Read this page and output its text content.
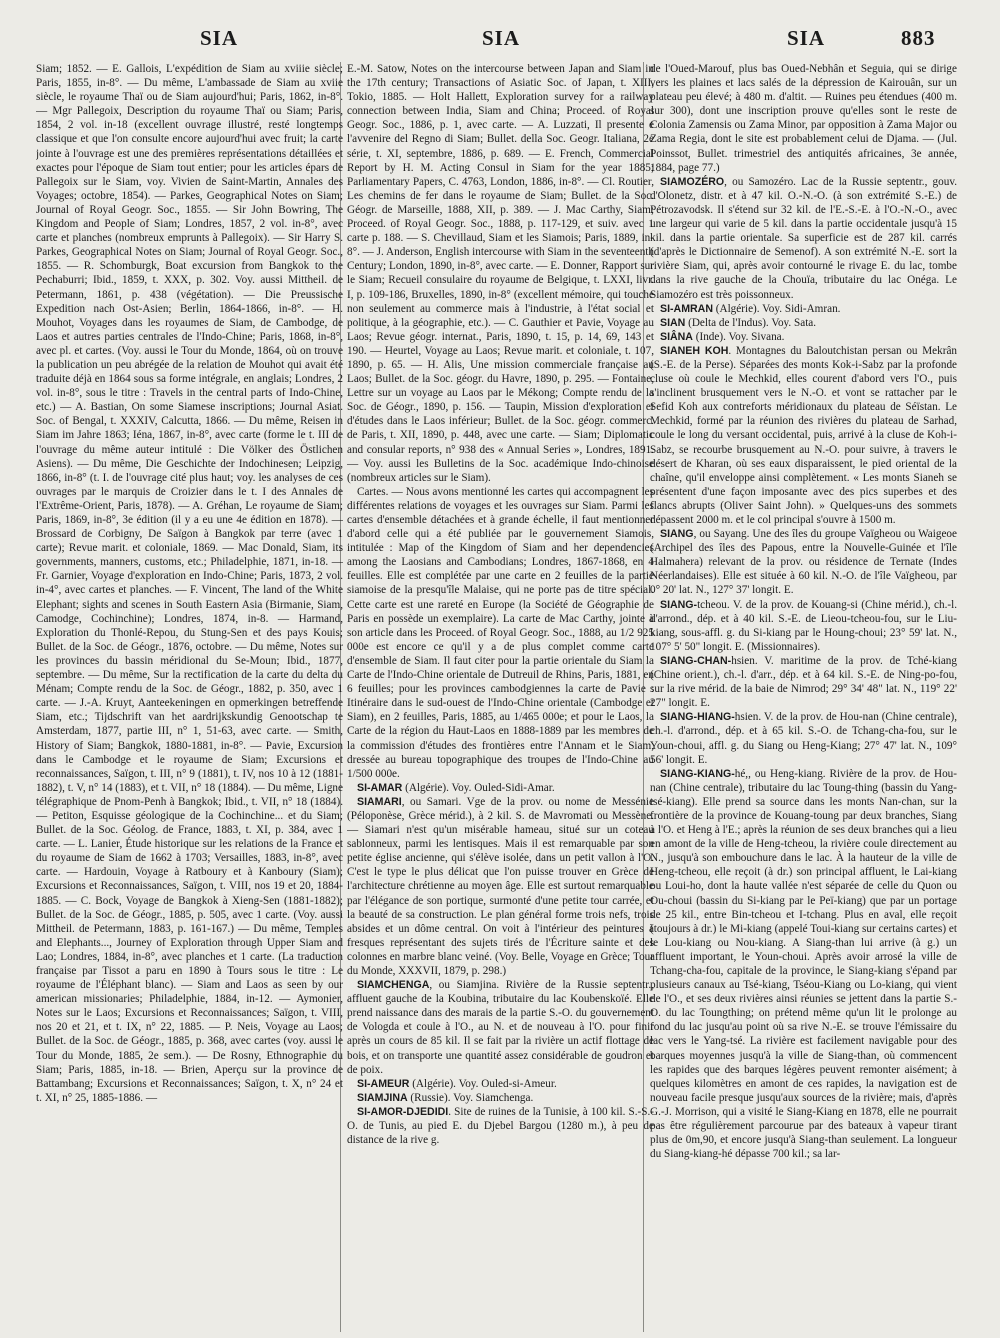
SIA	SIA	SIA	883

Siam; 1852. — E. Gallois, L'expédition de Siam au xviiie siècle; Paris, 1855, in-8°. — Du même, L'ambassade de Siam au xviie siècle, le royaume Thaï ou de Siam aujourd'hui; Paris, 1862, in-8°. — Mgr Pallegoix, Description du royaume Thaï ou Siam; Paris, 1854, 2 vol. in-18 (excellent ouvrage illustré, resté longtemps classique et que l'on consulte encore aujourd'hui avec fruit; la carte jointe à l'ouvrage est une des premières représentations détaillées et exactes pour l'époque de Siam tout entier; pour les articles épars de Pallegoix sur le Siam, voy. Vivien de Saint-Martin, Annales des Voyages; octobre, 1854). — Parkes, Geographical Notes on Siam; Journal of Royal Geogr. Soc., 1855. — Sir John Bowring, The Kingdom and People of Siam; Londres, 1857, 2 vol. in-8°, avec carte et planches (nombreux emprunts à Pallegoix). — Sir Harry S. Parkes, Geographical Notes on Siam; Journal of Royal Geogr. Soc., 1855. — R. Schomburgk, Boat excursion from Bangkok to the Pechaburri; Ibid., 1859, t. XXX, p. 302. Voy. aussi Mittheil. de Petermann, 1861, p. 438 (végétation). — Die Preussische Expedition nach Ost-Asien; Berlin, 1864-1866, in-8°. — H. Mouhot, Voyages dans les royaumes de Siam, de Cambodge, de Laos et autres parties centrales de l'Indo-Chine; Paris, 1868, in-8°, avec pl. et cartes. (Voy. aussi le Tour du Monde, 1864, où on trouve la publication un peu abrégée de la relation de Mouhot qui avait été traduite déjà en 1864 sous sa forme intégrale, en anglais; Londres, 2 vol. in-8°, sous le titre : Travels in the central parts of Indo-Chine, etc.) — A. Bastian, On some Siamese inscriptions; Journal Asiat. Soc. of Bengal, t. XXXIV, Calcutta, 1866. — Du même, Reisen in Siam im Jahre 1863; Iéna, 1867, in-8°, avec carte (forme le t. III de l'ouvrage du même auteur intitulé : Die Völker des Östlichen Asiens). — Du même, Die Geschichte der Indochinesen; Leipzig, 1866, in-8° (t. I. de l'ouvrage cité plus haut; voy. les analyses de ces ouvrages par le marquis de Croizier dans le t. I des Annales de l'Extrême-Orient, Paris, 1878). — A. Gréhan, Le royaume de Siam; Paris, 1869, in-8°, 3e édition (il y a eu une 4e édition en 1878). — Brossard de Corbigny, De Saïgon à Bangkok par terre (avec 1 carte); Revue marit. et coloniale, 1869. — Mac Donald, Siam, its governments, manners, customs, etc.; Philadelphie, 1871, in-18. — Fr. Garnier, Voyage d'exploration en Indo-Chine; Paris, 1873, 2 vol. in-4°, avec cartes et planches. — F. Vincent, The land of the White Elephant; sights and scenes in South Eastern Asia (Birmanie, Siam, Camodge, Cochinchine); Londres, 1874, in-8. — Harmand, Exploration du Thonlé-Repou, du Stung-Sen et des pays Kouis; Bullet. de la Soc. de Géogr., 1876, octobre. — Du même, Notes sur les provinces du bassin méridional du Se-Moun; Ibid., 1877, septembre. — Du même, Sur la rectification de la carte du delta du Ménam; Compte rendu de la Soc. de Géogr., 1882, p. 350, avec 1 carte. — J.-A. Kruyt, Aanteekeningen en opmerkingen betreffende Siam, etc.; Tijdschrift van het aardrijkskundig Genootschap te Amsterdam, 1877, partie III, n° 1, 51-63, avec carte. — Smith, History of Siam; Bangkok, 1880-1881, in-8°. — Pavie, Excursion dans le Cambodge et le royaume de Siam; Excursions et reconnaissances, Saïgon, t. III, n° 9 (1881), t. IV, nos 10 à 12 (1881-1882), t. V, n° 14 (1883), et t. VII, n° 18 (1884). — Du même, Ligne télégraphique de Pnom-Penh à Bangkok; Ibid., t. VII, n° 18 (1884). — Petiton, Esquisse géologique de la Cochinchine... et du Siam; Bullet. de la Soc. Géolog. de France, 1883, t. XI, p. 384, avec 1 carte. — L. Lanier, Étude historique sur les relations de la France et du royaume de Siam de 1662 à 1703; Versailles, 1883, in-8°, avec carte. — Hardouin, Voyage à Ratboury et à Kanboury (Siam); Excursions et Reconnaissances, Saïgon, t. VIII, nos 19 et 20, 1884-1885. — C. Bock, Voyage de Bangkok à Xieng-Sen (1881-1882); Bullet. de la Soc. de Géogr., 1885, p. 505, avec 1 carte. (Voy. aussi Mittheil. de Petermann, 1883, p. 161-167.) — Du même, Temples and Elephants..., Journey of Exploration through Upper Siam and Lao; Londres, 1884, in-8°, avec planches et 1 carte. (La traduction française par Tissot a paru en 1890 à Tours sous le titre : Le royaume de l'Éléphant blanc). — Siam and Laos as seen by our american missionaries; Philadelphie, 1884, in-12. — Aymonier, Notes sur le Laos; Excursions et Reconnaissances; Saïgon, t. VIII, nos 20 et 21, et t. IX, n° 22, 1885. — P. Neis, Voyage au Laos; Bullet. de la Soc. de Géogr., 1885, p. 368, avec cartes (voy. aussi le Tour du Monde, 1885, 2e sem.). — De Rosny, Ethnographie du Siam; Paris, 1885, in-18. — Brien, Aperçu sur la province de Battambang; Excursions et Reconnaissances; Saïgon, t. X, n° 24 et t. XI, n° 25, 1885-1886. —

E.-M. Satow, Notes on the intercourse between Japan and Siam in the 17th century; Transactions of Asiatic Soc. of Japan, t. XIII, Tokio, 1885. — Holt Hallett, Exploration survey for a railway connection between India, Siam and China; Proceed. of Royal Geogr. Soc., 1886, p. 1, avec carte. — A. Luzzati, Il presente e l'avvenire del Regno di Siam; Bullet. della Soc. Geogr. Italiana, 2e série, t. XI, septembre, 1886, p. 689. — E. French, Commercial Report by H. M. Acting Consul in Siam for the year 1885; Parliamentary Papers, C. 4763, London, 1886, in-8°. — Cl. Routier, Les chemins de fer dans le royaume de Siam; Bullet. de la Soc. Géogr. de Marseille, 1888, XII, p. 389. — J. Mac Carthy, Siam; Proceed. of Royal Geogr. Soc., 1888, p. 117-129, et suiv. avec 1 carte p. 188. — S. Chevillaud, Siam et les Siamois; Paris, 1889, in-8°. — J. Anderson, English intercourse with Siam in the seventeenth Century; London, 1890, in-8°, avec carte. — E. Donner, Rapport sur le Siam; Recueil consulaire du royaume de Belgique, t. LXXI, livr. I, p. 109-186, Bruxelles, 1890, in-8° (excellent mémoire, qui touche non seulement au commerce mais à l'industrie, à l'état social et politique, à la géographie, etc.). — C. Gauthier et Pavie, Voyage au Laos; Revue géogr. internat., Paris, 1890, t. 15, p. 14, 69, 143 et 190. — Heurtel, Voyage au Laos; Revue marit. et coloniale, t. 107, 1890, p. 65. — H. Alis, Une mission commerciale française au Laos; Bullet. de la Soc. géogr. du Havre, 1890, p. 295. — Fontaine, Lettre sur un voyage au Laos par le Mékong; Compte rendu de la Soc. de Géogr., 1890, p. 156. — Taupin, Mission d'exploration et d'études dans le Laos inférieur; Bullet. de la Soc. géogr. commerc. de Paris, t. XII, 1890, p. 448, avec une carte. — Siam; Diplomatic and consular reports, n° 938 des « Annual Series », Londres, 1891. — Voy. aussi les Bulletins de la Soc. académique Indo-chinoise (nombreux articles sur le Siam).

Cartes. — Nous avons mentionné les cartes qui accompagnent les différentes relations de voyages et les ouvrages sur Siam. Parmi les cartes d'ensemble détachées et à grande échelle, il faut mentionner d'abord celle qui a été publiée par le gouvernement Siamois, intitulée : Map of the Kingdom of Siam and her dependencies among the Laosians and Cambodians; Londres, 1867-1868, en 4 feuilles. Elle est complétée par une carte en 2 feuilles de la partie siamoise de la presqu'île Malaise, qui ne porte pas de titre spécial. Cette carte est une rareté en Europe (la Société de Géographie de Paris en possède un exemplaire). La carte de Mac Carthy, jointe à son article dans les Proceed. of Royal Geogr. Soc., 1888, au 1/2 925 000e est encore ce qu'il y a de plus complet comme carte d'ensemble de Siam. Il faut citer pour la partie orientale du Siam la Carte de l'Indo-Chine orientale de Dutreuil de Rhins, Paris, 1881, en 6 feuilles; pour les provinces cambodgiennes la carte de Pavie : Itinéraire dans le sud-ouest de l'Indo-Chine orientale (Cambodge et Siam), en 2 feuilles, Paris, 1885, au 1/465 000e; et pour le Laos, la Carte de la région du Haut-Laos en 1888-1889 par les membres de la commission d'études des frontières entre l'Annam et le Siam, dressée au bureau topographique des troupes de l'Indo-Chine au 1/500 000e.

SI-AMAR (Algérie). Voy. Ouled-Sidi-Amar.

SIAMARI, ou Samari. Vge de la prov. ou nome de Messénie (Péloponèse, Grèce mérid.), à 2 kil. S. de Mavromati ou Messène. — Siamari n'est qu'un misérable hameau, situé sur un coteau sablonneux, parmi les lentisques. Mais il est remarquable par son petite église ancienne, qui s'élève isolée, dans un petit vallon à l'O. C'est le type le plus délicat que l'on puisse trouver en Grèce de l'architecture chrétienne au moyen âge. Elle est surtout remarquable par l'élégance de son portique, surmonté d'une petite tour carrée, et la beauté de sa construction. Le plan général forme trois nefs, trois absides et un dôme central. On voit à l'intérieur des peintures à fresques représentant des sujets tirés de l'Écriture sainte et des colonnes en marbre blanc veiné. (Voy. Belle, Voyage en Grèce; Tour du Monde, XXXVII, 1879, p. 298.)

SIAMCHENGA, ou Siamjina. Rivière de la Russie septentr., affluent gauche de la Koubina, tributaire du lac Koubenskoïé. Elle prend naissance dans des marais de la partie S.-O. du gouvernement de Vologda et coule à l'O., au N. et de nouveau à l'O. pour finir après un cours de 85 kil. Il se fait par la rivière un actif flottage de bois, et on transporte une quantité assez considérable de goudron et de poix.

SI-AMEUR (Algérie). Voy. Ouled-si-Ameur.

SIAMJINA (Russie). Voy. Siamchenga.

SI-AMOR-DJEDIDI. Site de ruines de la Tunisie, à 100 kil. S.-S.-O. de Tunis, au pied E. du Djebel Bargou (1280 m.), à peu de distance de la rive g.

de l'Oued-Marouf, plus bas Oued-Nebhân et Seguia, qui se dirige vers les plaines et lacs salés de la dépression de Kairouân, sur un plateau peu élevé; à 480 m. d'altit. — Ruines peu étendues (400 m. sur 300), dont une inscription prouve qu'elles sont le reste de Colonia Zamensis ou Zama Minor, par opposition à Zama Major ou Zama Regia, dont le site est probablement celui de Djama. — (Jul. Poinssot, Bullet. trimestriel des antiquités africaines, 3e année, 1884, page 77.)

SIAMOZÉRO, ou Samozéro. Lac de la Russie septentr., gouv. d'Olonetz, distr. et à 47 kil. O.-N.-O. (à son extrémité S.-E.) de Pétrozavodsk. Il s'étend sur 32 kil. de l'E.-S.-E. à l'O.-N.-O., avec une largeur qui varie de 5 kil. dans la partie occidentale jusqu'à 15 kil. dans la partie orientale. Sa superficie est de 287 kil. carrés (d'après le Dictionnaire de Semenof). A son extrémité N.-E. sort la rivière Siam, qui, après avoir contourné le rivage E. du lac, tombe dans la rive gauche de la Chouïa, tributaire du lac Onéga. Le Siamozéro est très poissonneux.

SI-AMRAN (Algérie). Voy. Sidi-Amran.

SIAN (Delta de l'Indus). Voy. Sata.

SIÂNA (Inde). Voy. Sivana.

SIANEH KOH. Montagnes du Baloutchistan persan ou Mekrân (S.-E. de la Perse). Séparées des monts Kok-i-Sabz par la profonde cluse où coule le Mechkid, elles courent d'abord vers l'O., puis s'inclinent brusquement vers le N.-O. et vont se rattacher par le Sefid Koh aux contreforts méridionaux du plateau de Séïstan. Le Mechkid, formé par la réunion des rivières du plateau de Sarhad, coule le long du versant occidental, puis, arrivé à la cluse de Koh-i-Sabz, se recourbe brusquement au N.-O. pour suivre, à travers le désert de Kharan, où ses eaux disparaissent, le pied oriental de la chaîne, qu'il enveloppe ainsi complètement. « Les monts Sianeh se présentent d'une façon imposante avec des pics superbes et des flancs abrupts (Oliver Saint John). » Quelques-uns des sommets dépassent 2000 m. et le col principal s'ouvre à 1500 m.

SIANG, ou Sayang. Une des îles du groupe Vaïgheou ou Waigeoe (Archipel des îles des Papous, entre la Nouvelle-Guinée et l'île Halmahera) relevant de la prov. ou résidence de Ternate (Indes Néerlandaises). Elle est située à 60 kil. N.-O. de l'île Vaïgheou, par 0° 20' lat. N., 127° 37' longit. E.

SIANG-tcheou. V. de la prov. de Kouang-si (Chine mérid.), ch.-l. d'arrond., dép. et à 40 kil. S.-E. de Lieou-tcheou-fou, sur le Liu-kiang, sous-affl. g. du Si-kiang par le Houng-choui; 23° 59' lat. N., 107° 5' 50" longit. E. (Missionnaires).

SIANG-CHAN-hsien. V. maritime de la prov. de Tché-kiang (Chine orient.), ch.-l. d'arr., dép. et à 64 kil. S.-E. de Ning-po-fou, sur la rive mérid. de la baie de Nimrod; 29° 34' 48" lat. N., 119° 22' 27" longit. E.

SIANG-HIANG-hsien. V. de la prov. de Hou-nan (Chine centrale), ch.-l. d'arrond., dép. et à 65 kil. S.-O. de Tchang-cha-fou, sur le Youn-choui, affl. g. du Siang ou Heng-Kiang; 27° 47' lat. N., 109° 56' longit. E.

SIANG-KIANG-hé,, ou Heng-kiang. Rivière de la prov. de Hou-nan (Chine centrale), tributaire du lac Toung-thing (bassin du Yang-tsé-kiang). Elle prend sa source dans les monts Nan-chan, sur la frontière de la province de Kouang-toung par deux branches, Siang à l'O. et Heng à l'E.; après la réunion de ses deux branches qui a lieu en amont de la ville de Heng-tcheou, la rivière coule directement au N., jusqu'à son embouchure dans le lac. À la hauteur de la ville de Heng-tcheou, elle reçoit (à dr.) son principal affluent, le Lai-kiang ou Loui-ho, dont la haute vallée n'est séparée de celle du Quon ou Ou-choui (bassin du Si-kiang par le Peï-kiang) que par un portage de 25 kil., entre Bin-tcheou et I-tchang. Plus en aval, elle reçoit (toujours à dr.) le Mi-kiang (appelé Toui-kiang sur certains cartes) et le Lou-kiang ou Nou-kiang. A Siang-than lui arrive (à g.) un affluent important, le Youn-choui. Après avoir arrosé la ville de Tchang-cha-fou, capitale de la province, le Siang-kiang s'épand par plusieurs canaux au Tsé-kiang, Tséou-Kiang ou Lo-kiang, qui vient de l'O., et ses deux rivières ainsi réunies se jettent dans la partie S.-O. du lac Toungthing; on prétend même qu'un lit le prolonge au fond du lac jusqu'au point où sa rive N.-E. se trouve l'émissaire du lac vers le Yang-tsé. La rivière est facilement navigable pour des barques moyennes jusqu'à la ville de Siang-than, où commencent les rapides que des barques légères peuvent remonter aisément; à quelques kilomètres en amont de ces rapides, la navigation est de nouveau facile presque jusqu'aux sources de la rivière; mais, d'après G.-J. Morrison, qui a visité le Siang-Kiang en 1878, elle ne pourrait pas être régulièrement parcourue par des bateaux à vapeur tirant plus de 0m,90, et encore jusqu'à Siang-than seulement. La longueur du Siang-kiang-hé dépasse 700 kil.; sa lar-
